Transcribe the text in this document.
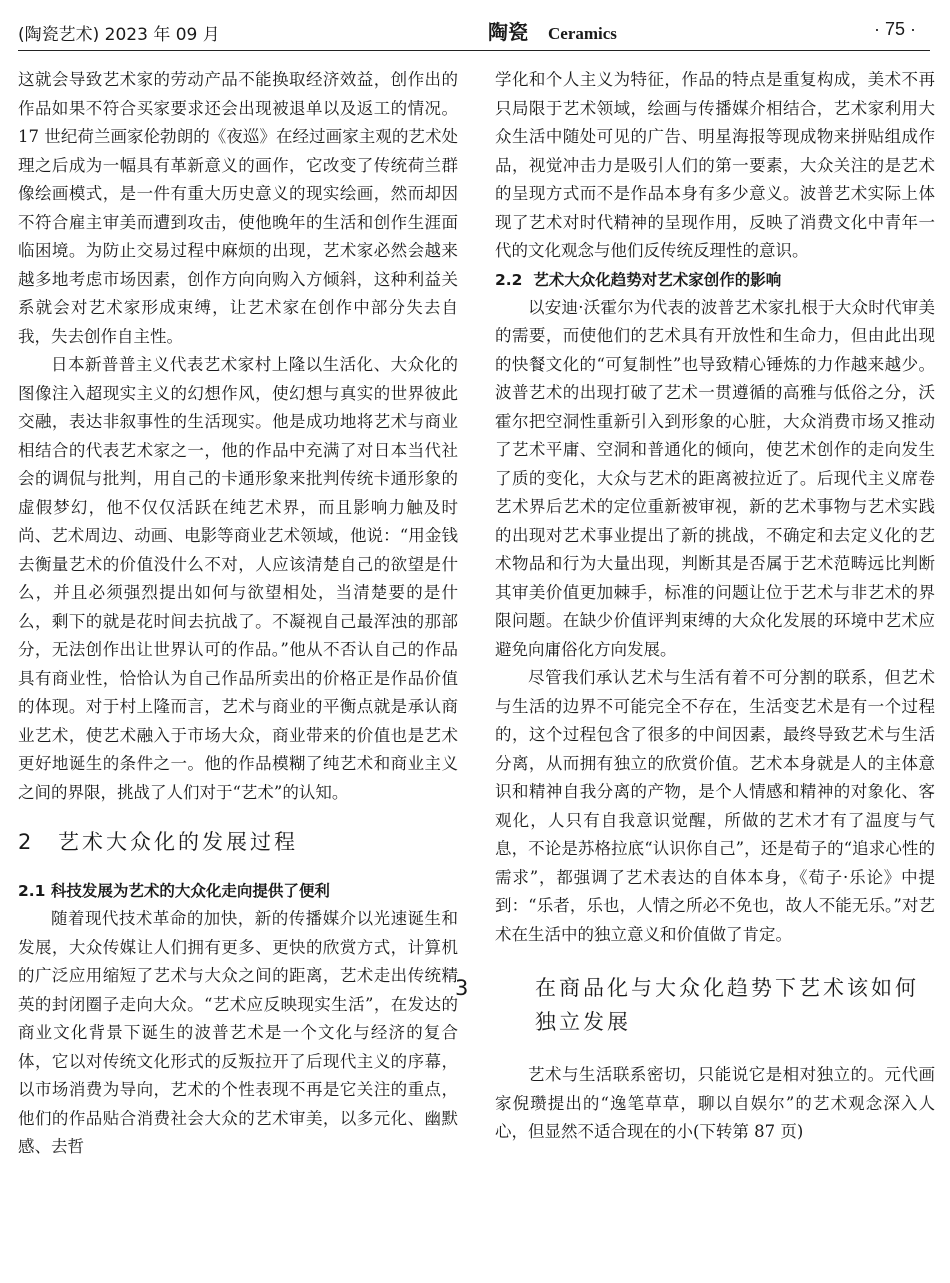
(陶瓷艺术) 2023 年 09 月	陶瓷 Ceramics	· 75 ·

这就会导致艺术家的劳动产品不能换取经济效益，创作出的作品如果不符合买家要求还会出现被退单以及返工的情况。17 世纪荷兰画家伦勃朗的《夜巡》在经过画家主观的艺术处理之后成为一幅具有革新意义的画作，它改变了传统荷兰群像绘画模式，是一件有重大历史意义的现实绘画，然而却因不符合雇主审美而遭到攻击，使他晚年的生活和创作生涯面临困境。为防止交易过程中麻烦的出现，艺术家必然会越来越多地考虑市场因素，创作方向向购入方倾斜，这种利益关系就会对艺术家形成束缚，让艺术家在创作中部分失去自我，失去创作自主性。

日本新普普主义代表艺术家村上隆以生活化、大众化的图像注入超现实主义的幻想作风，使幻想与真实的世界彼此交融，表达非叙事性的生活现实。他是成功地将艺术与商业相结合的代表艺术家之一，他的作品中充满了对日本当代社会的调侃与批判，用自己的卡通形象来批判传统卡通形象的虚假梦幻，他不仅仅活跃在纯艺术界，而且影响力触及时尚、艺术周边、动画、电影等商业艺术领域，他说：“用金钱去衡量艺术的价值没什么不对，人应该清楚自己的欲望是什么，并且必须强烈提出如何与欲望相处，当清楚要的是什么，剩下的就是花时间去抗战了。不凝视自己最浑浊的那部分，无法创作出让世界认可的作品。”他从不否认自己的作品具有商业性，恰恰认为自己作品所卖出的价格正是作品价值的体现。对于村上隆而言，艺术与商业的平衡点就是承认商业艺术，使艺术融入于市场大众，商业带来的价值也是艺术更好地诞生的条件之一。他的作品模糊了纯艺术和商业主义之间的界限，挑战了人们对于“艺术”的认知。

2 艺术大众化的发展过程
2.1 科技发展为艺术的大众化走向提供了便利

随着现代技术革命的加快，新的传播媒介以光速诞生和发展，大众传媒让人们拥有更多、更快的欣赏方式，计算机的广泛应用缩短了艺术与大众之间的距离，艺术走出传统精英的封闭圈子走向大众。“艺术应反映现实生活”，在发达的商业文化背景下诞生的波普艺术是一个文化与经济的复合体，它以对传统文化形式的反叛拉开了后现代主义的序幕，以市场消费为导向，艺术的个性表现不再是它关注的重点，他们的作品贴合消费社会大众的艺术审美，以多元化、幽默感、去哲

学化和个人主义为特征，作品的特点是重复构成，美术不再只局限于艺术领域，绘画与传播媒介相结合，艺术家利用大众生活中随处可见的广告、明星海报等现成物来拼贴组成作品，视觉冲击力是吸引人们的第一要素，大众关注的是艺术的呈现方式而不是作品本身有多少意义。波普艺术实际上体现了艺术对时代精神的呈现作用，反映了消费文化中青年一代的文化观念与他们反传统反理性的意识。

2.2 艺术大众化趋势对艺术家创作的影响

以安迪·沃霍尔为代表的波普艺术家扎根于大众时代审美的需要，而使他们的艺术具有开放性和生命力，但由此出现的快餐文化的“可复制性”也导致精心锤炼的力作越来越少。波普艺术的出现打破了艺术一贯遵循的高雅与低俗之分，沃霍尔把空洞性重新引入到形象的心脏，大众消费市场又推动了艺术平庸、空洞和普通化的倾向，使艺术创作的走向发生了质的变化，大众与艺术的距离被拉近了。后现代主义席卷艺术界后艺术的定位重新被审视，新的艺术事物与艺术实践的出现对艺术事业提出了新的挑战，不确定和去定义化的艺术物品和行为大量出现，判断其是否属于艺术范畴远比判断其审美价值更加棘手，标准的问题让位于艺术与非艺术的界限问题。在缺少价值评判束缚的大众化发展的环境中艺术应避免向庸俗化方向发展。

尽管我们承认艺术与生活有着不可分割的联系，但艺术与生活的边界不可能完全不存在，生活变艺术是有一个过程的，这个过程包含了很多的中间因素，最终导致艺术与生活分离，从而拥有独立的欣赏价值。艺术本身就是人的主体意识和精神自我分离的产物，是个人情感和精神的对象化、客观化，人只有自我意识觉醒，所做的艺术才有了温度与气息，不论是苏格拉底“认识你自己”，还是荀子的“追求心性的需求”，都强调了艺术表达的自体本身，《荀子·乐论》中提到：“乐者，乐也，人情之所必不免也，故人不能无乐。”对艺术在生活中的独立意义和价值做了肯定。

3	在商品化与大众化趋势下艺术该如何独立发展

艺术与生活联系密切，只能说它是相对独立的。元代画家倪瓒提出的“逸笔草草，聊以自娱尔”的艺术观念深入人心，但显然不适合现在的小(下转第 87 页)
